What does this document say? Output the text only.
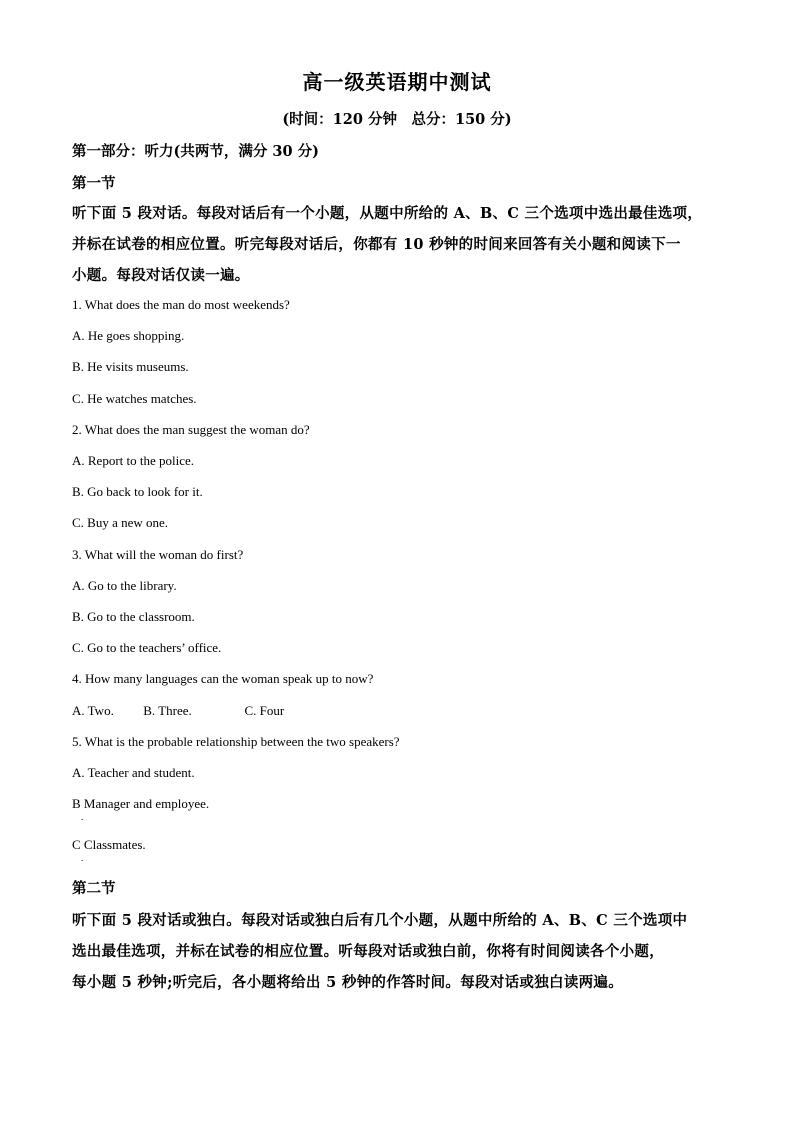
高一级英语期中测试
(时间：120 分钟　总分：150 分)
第一部分：听力(共两节，满分 30 分)
第一节
听下面 5 段对话。每段对话后有一个小题，从题中所给的 A、B、C 三个选项中选出最佳选项，
并标在试卷的相应位置。听完每段对话后，你都有 10 秒钟的时间来回答有关小题和阅读下一
小题。每段对话仅读一遍。
1. What does the man do most weekends?
A. He goes shopping.
B. He visits museums.
C. He watches matches.
2. What does the man suggest the woman do?
A. Report to the police.
B. Go back to look for it.
C. Buy a new one.
3. What will the woman do first?
A. Go to the library.
B. Go to the classroom.
C. Go to the teachers’ office.
4. How many languages can the woman speak up to now?
A. Two. B. Three.	C. Four
5. What is the probable relationship between the two speakers?
A. Teacher and student.
B Manager and employee.
.
C Classmates.
.
第二节
听下面 5 段对话或独白。每段对话或独白后有几个小题，从题中所给的 A、B、C 三个选项中
选出最佳选项，并标在试卷的相应位置。听每段对话或独白前，你将有时间阅读各个小题，
每小题 5 秒钟;听完后，各小题将给出 5 秒钟的作答时间。每段对话或独白读两遍。
